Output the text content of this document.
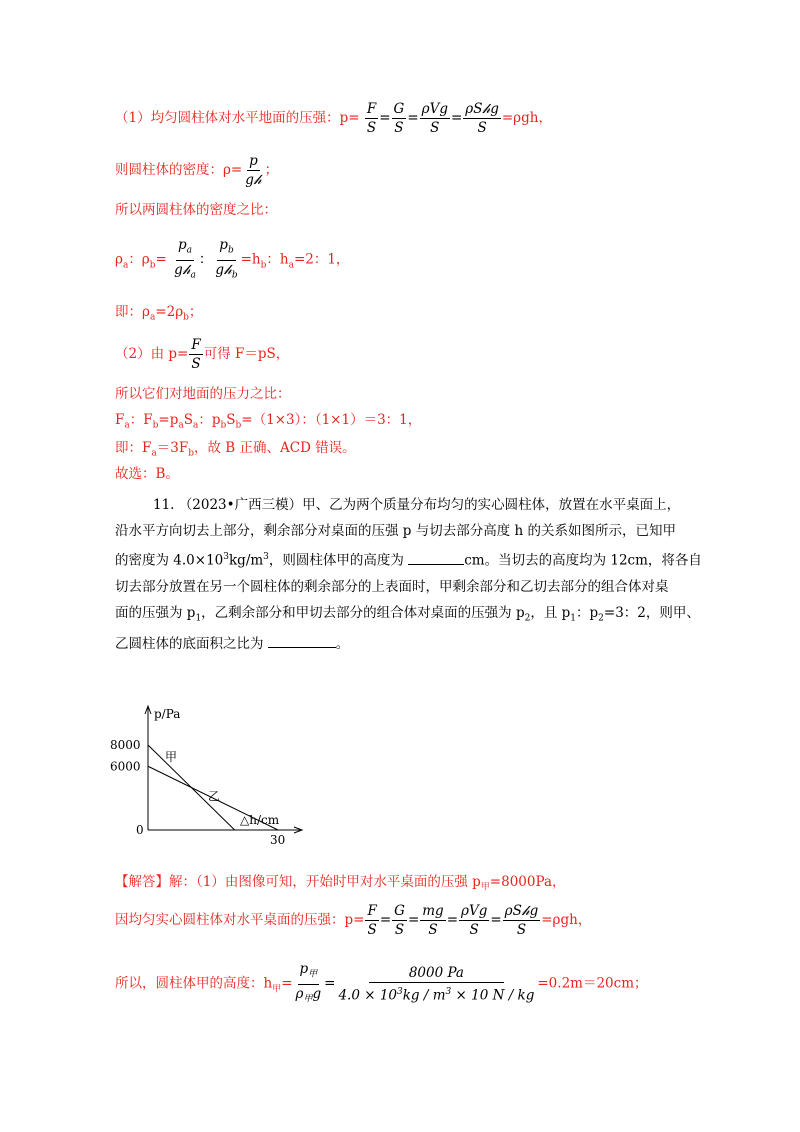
（1）均匀圆柱体对水平地面的压强：$p= \frac{F}{S} = \frac{G}{S} = \frac{\text{ρVg}}{S} = \frac{\text{ρS𝒽g}}{S} =\rho gh$，
则圆柱体的密度：$\rho= \frac{p}{\text{g𝒽}}$ ；
所以两圆柱体的密度之比：
$\rho_a$：$\rho_b= \frac{p_a}{g𝒽_a}$ ： $\frac{p_b}{g𝒽_b} =h_b$：$h_a=2$：1，
即：$\rho_a=2\rho_b$；
（2）由 $p= \frac{F}{S}$ 可得 F＝pS，
所以它们对地面的压力之比：
$F_a$：$F_b=p_aS_a$：$p_bS_b=(1\times 3)$：（1×1）＝3：1，
即：$F_a=3F_b$，故 B 正确、ACD 错误。
故选：B。
11. （2023•广西三模）甲、乙为两个质量分布均匀的实心圆柱体，放置在水平桌面上，
沿水平方向切去上部分，剩余部分对桌面的压强 p 与切去部分高度 h 的关系如图所示，已知甲
的密度为 $4.0\times 10^3kg/m^3$，则圆柱体甲的高度为	cm。当切去的高度均为 12cm，将各自
切去部分放置在另一个圆柱体的剩余部分的上表面时，甲剩余部分和乙切去部分的组合体对桌
面的压强为 $p_1$，乙剩余部分和甲切去部分的组合体对桌面的压强为 $p_2$，且 $p_1$：$p_2=3$：2，则甲、
乙圆柱体的底面积之比为	。
p/Pa
△h/cm
8000
6000
0
30
甲
乙
【解答】解：（1）由图像可知，开始时甲对水平桌面的压强 $p_甲=8000Pa$，
因均匀实心圆柱体对水平桌面的压强：$p= \frac{F}{S} = \frac{G}{S} = \frac{mg}{S} = \frac{\text{ρVg}}{S} = \frac{\text{ρS𝒽g}}{S} =\rho gh$，
所以，圆柱体甲的高度：$h_甲= \frac{p_甲}{\rho_甲g} = \frac{8000 Pa}{4.0 \times 10^3kg / m^3 \times 10 N / kg} =0.2m=20cm$；
